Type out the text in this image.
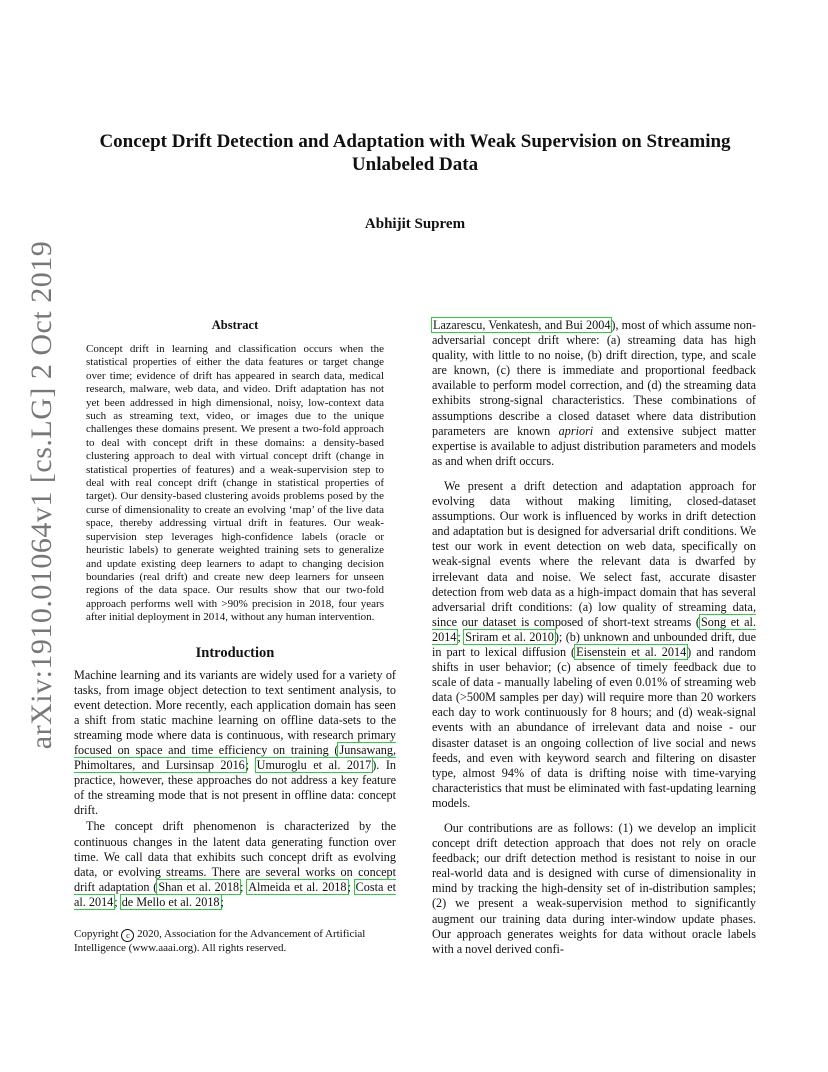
arXiv:1910.01064v1 [cs.LG] 2 Oct 2019
Concept Drift Detection and Adaptation with Weak Supervision on Streaming
Unlabeled Data
Abhijit Suprem
Abstract

Concept drift in learning and classification occurs when the statistical properties of either the data features or target change over time; evidence of drift has appeared in search data, medical research, malware, web data, and video. Drift adaptation has not yet been addressed in high dimensional, noisy, low-context data such as streaming text, video, or images due to the unique challenges these domains present. We present a two-fold approach to deal with concept drift in these domains: a density-based clustering approach to deal with virtual concept drift (change in statistical properties of features) and a weak-supervision step to deal with real concept drift (change in statistical properties of target). Our density-based clustering avoids problems posed by the curse of dimensionality to create an evolving ‘map’ of the live data space, thereby addressing virtual drift in features. Our weak-supervision step leverages high-confidence labels (oracle or heuristic labels) to generate weighted training sets to generalize and update existing deep learners to adapt to changing decision boundaries (real drift) and create new deep learners for unseen regions of the data space. Our results show that our two-fold approach performs well with >90% precision in 2018, four years after initial deployment in 2014, without any human intervention.

Introduction

Machine learning and its variants are widely used for a variety of tasks, from image object detection to text sentiment analysis, to event detection. More recently, each application domain has seen a shift from static machine learning on offline data-sets to the streaming mode where data is continuous, with research primary focused on space and time efficiency on training (Junsawang, Phimoltares, and Lursinsap 2016; Umuroglu et al. 2017). In practice, however, these approaches do not address a key feature of the streaming mode that is not present in offline data: concept drift.

The concept drift phenomenon is characterized by the continuous changes in the latent data generating function over time. We call data that exhibits such concept drift as evolving data, or evolving streams. There are several works on concept drift adaptation (Shan et al. 2018; Almeida et al. 2018; Costa et al. 2014; de Mello et al. 2018;

Copyright c 2020, Association for the Advancement of Artificial Intelligence (www.aaai.org). All rights reserved.

Lazarescu, Venkatesh, and Bui 2004), most of which assume non-adversarial concept drift where: (a) streaming data has high quality, with little to no noise, (b) drift direction, type, and scale are known, (c) there is immediate and proportional feedback available to perform model correction, and (d) the streaming data exhibits strong-signal characteristics. These combinations of assumptions describe a closed dataset where data distribution parameters are known apriori and extensive subject matter expertise is available to adjust distribution parameters and models as and when drift occurs.

We present a drift detection and adaptation approach for evolving data without making limiting, closed-dataset assumptions. Our work is influenced by works in drift detection and adaptation but is designed for adversarial drift conditions. We test our work in event detection on web data, specifically on weak-signal events where the relevant data is dwarfed by irrelevant data and noise. We select fast, accurate disaster detection from web data as a high-impact domain that has several adversarial drift conditions: (a) low quality of streaming data, since our dataset is composed of short-text streams (Song et al. 2014; Sriram et al. 2010); (b) unknown and unbounded drift, due in part to lexical diffusion (Eisenstein et al. 2014) and random shifts in user behavior; (c) absence of timely feedback due to scale of data - manually labeling of even 0.01% of streaming web data (>500M samples per day) will require more than 20 workers each day to work continuously for 8 hours; and (d) weak-signal events with an abundance of irrelevant data and noise - our disaster dataset is an ongoing collection of live social and news feeds, and even with keyword search and filtering on disaster type, almost 94% of data is drifting noise with time-varying characteristics that must be eliminated with fast-updating learning models.

Our contributions are as follows: (1) we develop an implicit concept drift detection approach that does not rely on oracle feedback; our drift detection method is resistant to noise in our real-world data and is designed with curse of dimensionality in mind by tracking the high-density set of in-distribution samples; (2) we present a weak-supervision method to significantly augment our training data during inter-window update phases. Our approach generates weights for data without oracle labels with a novel derived confi-
